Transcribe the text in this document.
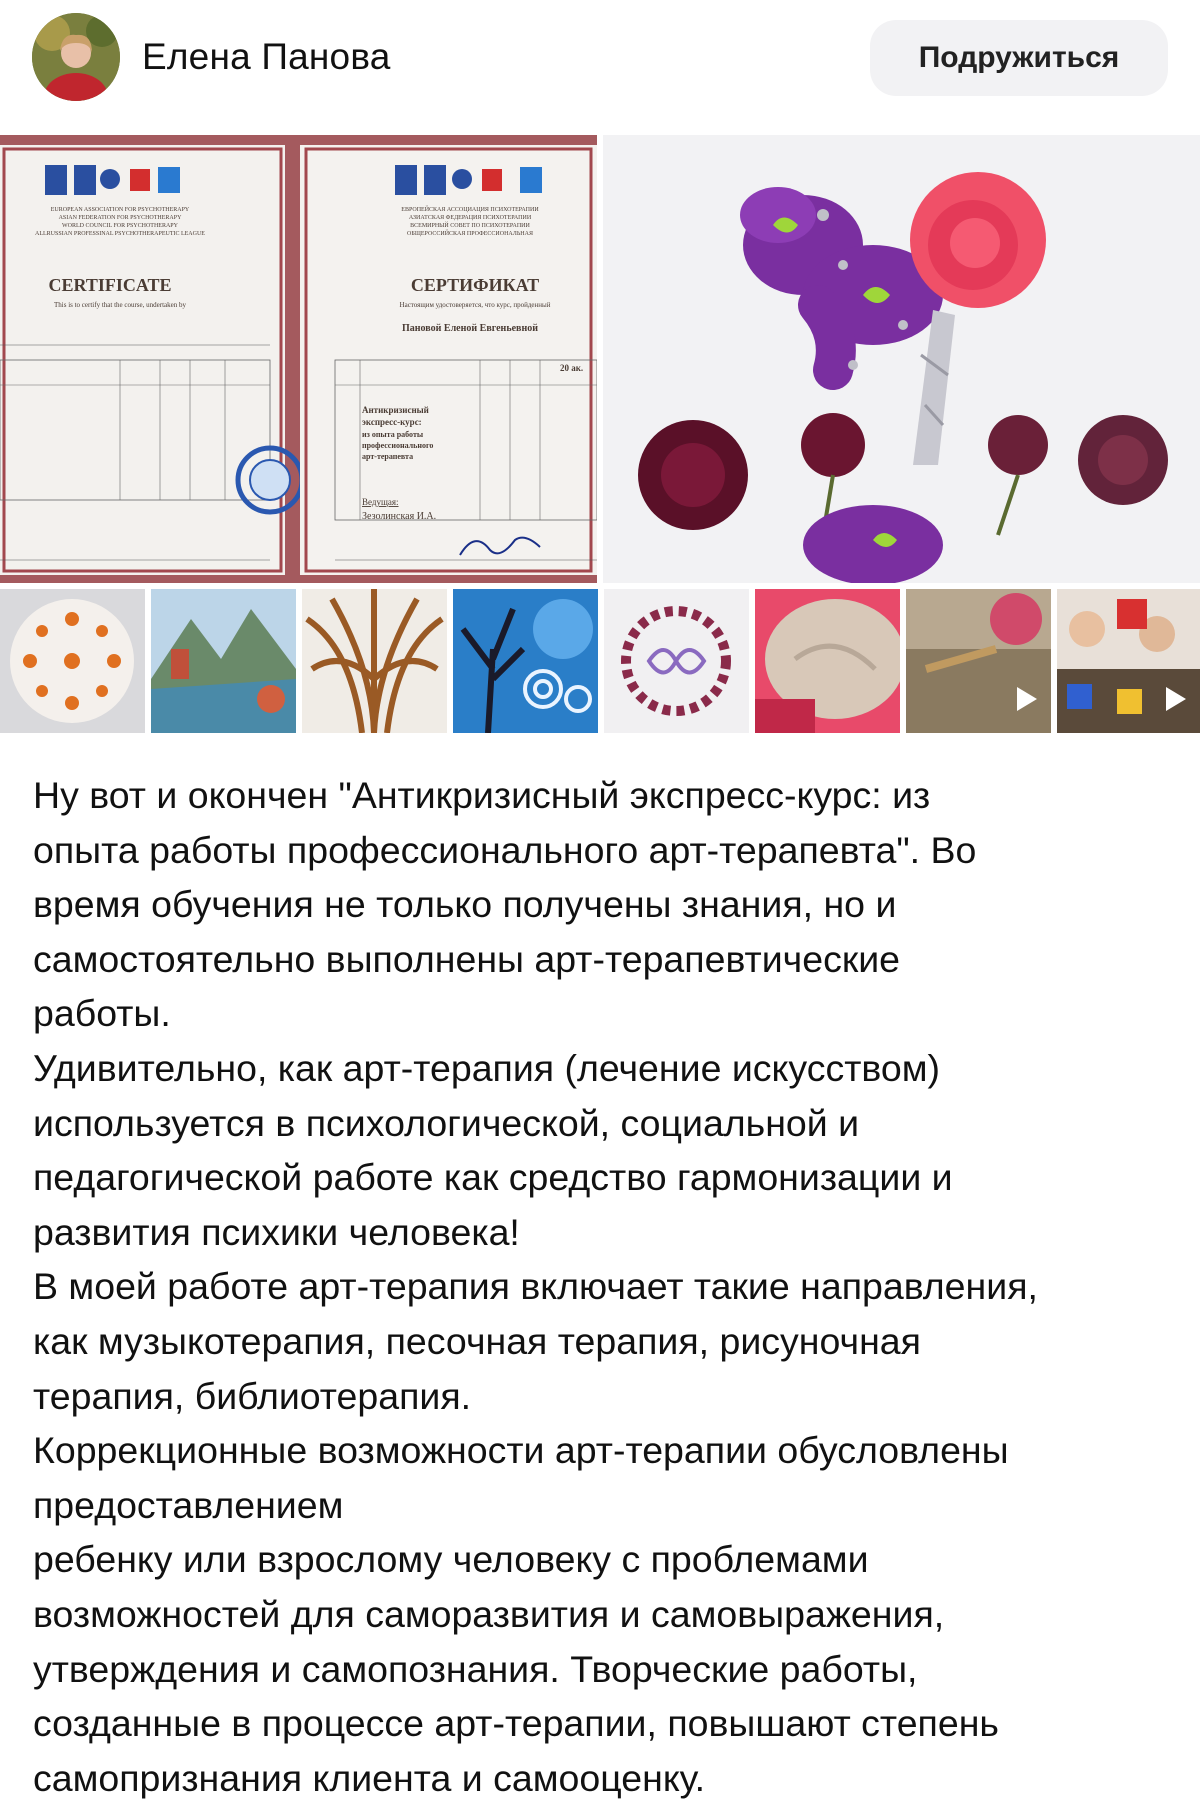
Елена Панова	Подружиться
EUROPEAN ASSOCIATION FOR PSYCHOTHERAPY
ASIAN FEDERATION FOR PSYCHOTHERAPY
WORLD COUNCIL FOR PSYCHOTHERAPY
ALLRUSSIAN PROFESSINAL PSYCHOTHERAPEUTIC LEAGUE
CERTIFICATE
This is to certify that the course, undertaken by
ЕВРОПЕЙСКАЯ АССОЦИАЦИЯ ПСИХОТЕРАПИИ
АЗИАТСКАЯ ФЕДЕРАЦИЯ ПСИХОТЕРАПИИ
ВСЕМИРНЫЙ СОВЕТ ПО ПСИХОТЕРАПИИ
ОБЩЕРОССИЙСКАЯ ПРОФЕССИОНАЛЬНАЯ
СЕРТИФИКАТ
Настоящим удостоверяется, что курс, пройденный
Пановой Еленой Евгеньевной
20 ак.
Антикризисный
экспресс-курс:
из опыта работы
профессионального
арт-терапевта
Ведущая:
Зезолинская И.А.

Ну вот и окончен "Антикризисный экспресс-курс: из

опыта работы профессионального арт-терапевта". Во

время обучения не только получены знания, но и

самостоятельно выполнены арт-терапевтические

работы.

Удивительно, как арт-терапия (лечение искусством)

используется в психологической, социальной и

педагогической работе как средство гармонизации и

развития психики человека!

В моей работе арт-терапия включает такие направления,

как музыкотерапия, песочная терапия, рисуночная

терапия, библиотерапия.

Коррекционные возможности арт-терапии обусловлены

предоставлением

ребенку или взрослому человеку с проблемами

возможностей для саморазвития и самовыражения,

утверждения и самопознания. Творческие работы,

созданные в процессе арт-терапии, повышают степень

самопризнания клиента и самооценку.
